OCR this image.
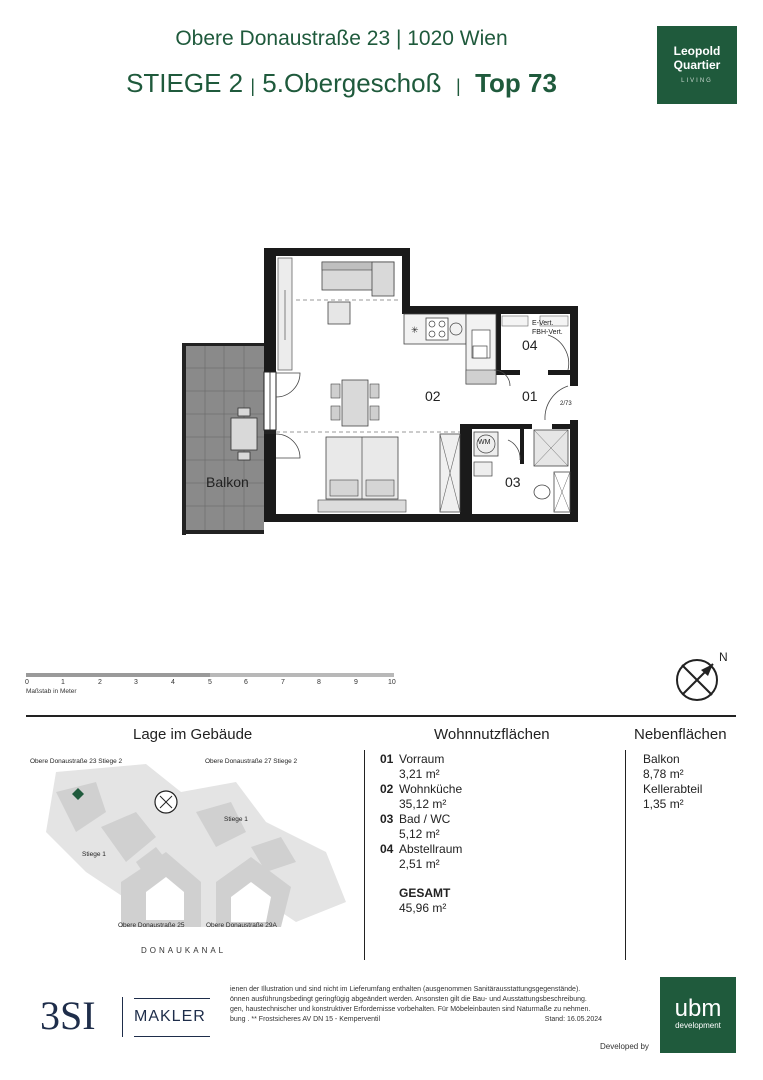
Obere Donaustraße 23 | 1020 Wien
STIEGE 2 | 5.Obergeschoß | Top 73
Leopold
Quartier
LIVING
✳
02	01
04
03
Balkon
E-Vert.
FBH-Vert.
WM
2/73
0	1	2	3	4	5	6	7	8	9	10
Maßstab in Meter
N
Lage im Gebäude	Wohnnutzflächen	Nebenflächen
Obere Donaustraße 23 Stiege 2	Obere Donaustraße 27 Stiege 2
Stiege 1
Stiege 1
Obere Donaustraße 25	Obere Donaustraße 29A
DONAUKANAL
01 Vorraum
3,21 m²
02 Wohnküche
35,12 m²
03 Bad / WC
5,12 m²
04 Abstellraum
2,51 m²
GESAMT
45,96 m²
Balkon
8,78 m²
Kellerabteil
1,35 m²
ienen der Illustration und sind nicht im Lieferumfang enthalten (ausgenommen Sanitärausstattungsgegenstände).
önnen ausführungsbedingt geringfügig abgeändert werden. Ansonsten gilt die Bau- und Ausstattungsbeschreibung.
gen, haustechnischer und konstruktiver Erfordernisse vorbehalten. Für Möbeleinbauten sind Naturmaße zu nehmen.
bung . ** Frostsicheres AV DN 15 - Kemperventil	Stand: 16.05.2024
3SI MAKLER
Developed by
ubm
development
